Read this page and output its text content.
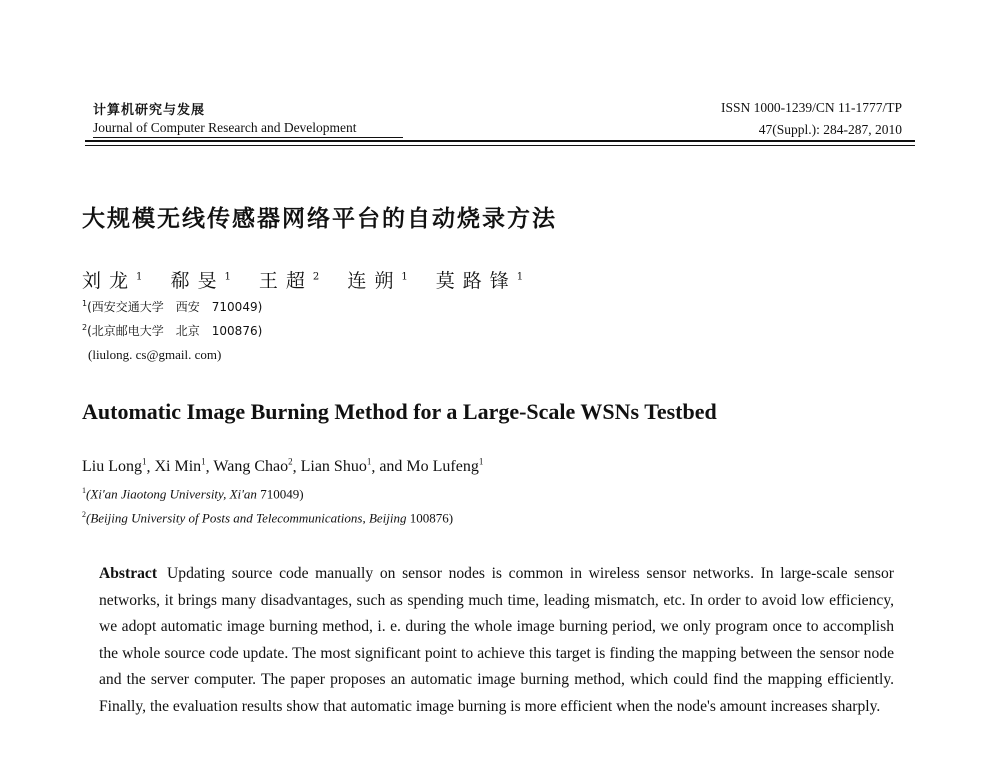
计算机研究与发展
Journal of Computer Research and Development
ISSN 1000-1239/CN 11-1777/TP
47(Suppl.): 284-287, 2010
大规模无线传感器网络平台的自动烧录方法
刘龙$^1$ 郗旻$^1$ 王超$^2$ 连朔$^1$ 莫路锋$^1$
$^1$(西安交通大学　西安　710049)
$^2$(北京邮电大学　北京　100876)
(liulong. cs@gmail. com)
Automatic Image Burning Method for a Large-Scale WSNs Testbed
Liu Long$^1$, Xi Min$^1$, Wang Chao$^2$, Lian Shuo$^1$, and Mo Lufeng$^1$
$^1$(Xi'an Jiaotong University, Xi'an 710049)
$^2$(Beijing University of Posts and Telecommunications, Beijing 100876)
Abstract Updating source code manually on sensor nodes is common in wireless sensor networks. In large-scale sensor networks, it brings many disadvantages, such as spending much time, leading mismatch, etc. In order to avoid low efficiency, we adopt automatic image burning method, i. e. during the whole image burning period, we only program once to accomplish the whole source code update. The most significant point to achieve this target is finding the mapping between the sensor node and the server computer. The paper proposes an automatic image burning method, which could find the mapping efficiently. Finally, the evaluation results show that automatic image burning is more efficient when the node's amount increases sharply.
